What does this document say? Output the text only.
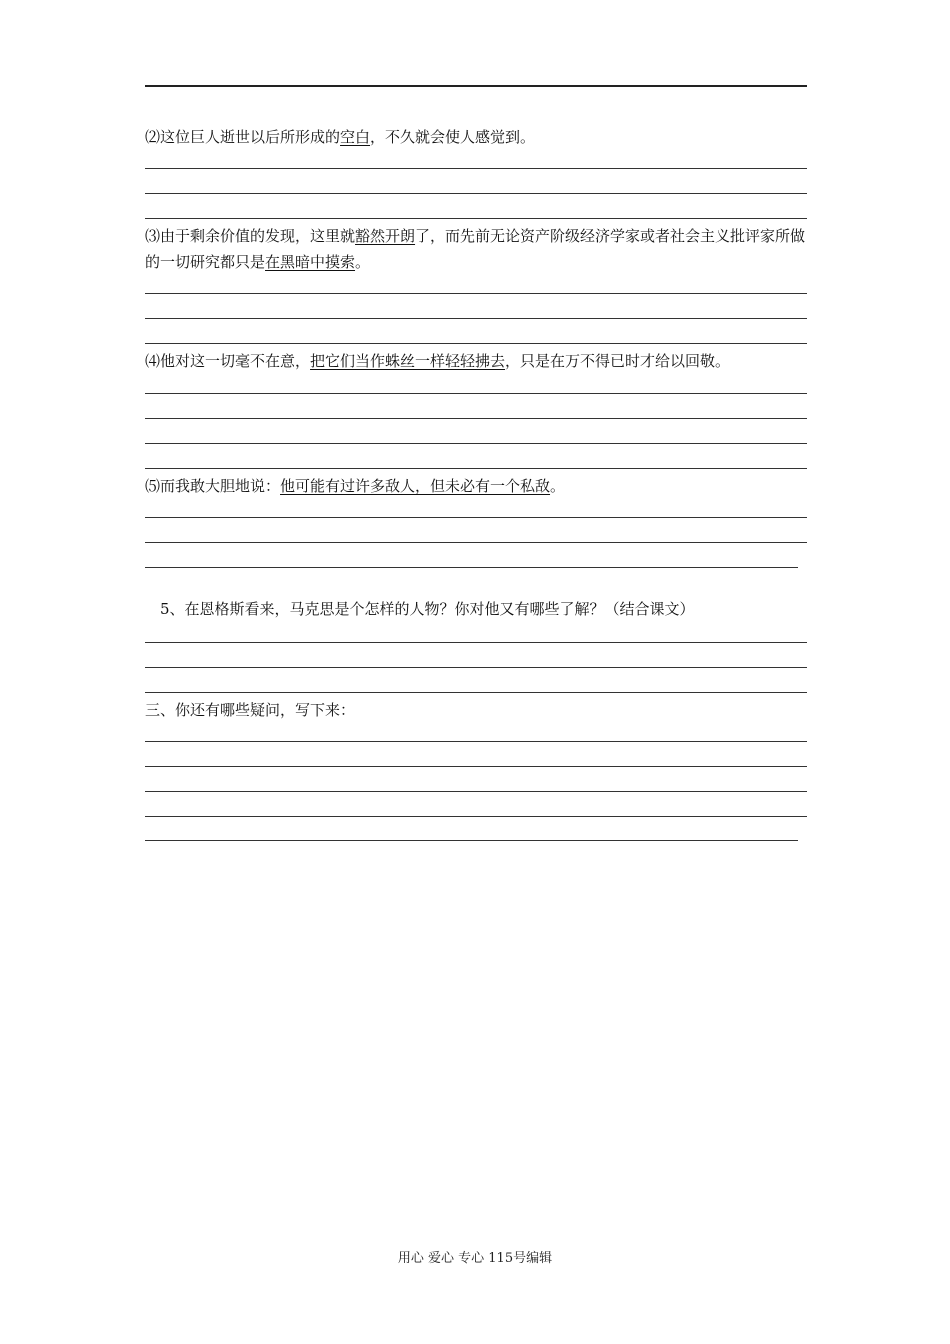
⑵这位巨人逝世以后所形成的空白，不久就会使人感觉到。
⑶由于剩余价值的发现，这里就豁然开朗了，而先前无论资产阶级经济学家或者社会主义批评家所做的一切研究都只是在黑暗中摸索。
⑷他对这一切毫不在意，把它们当作蛛丝一样轻轻拂去，只是在万不得已时才给以回敬。
⑸而我敢大胆地说：他可能有过许多敌人，但未必有一个私敌。
5、在恩格斯看来，马克思是个怎样的人物？你对他又有哪些了解？（结合课文）
三、你还有哪些疑问，写下来：
用心 爱心 专心 115号编辑
